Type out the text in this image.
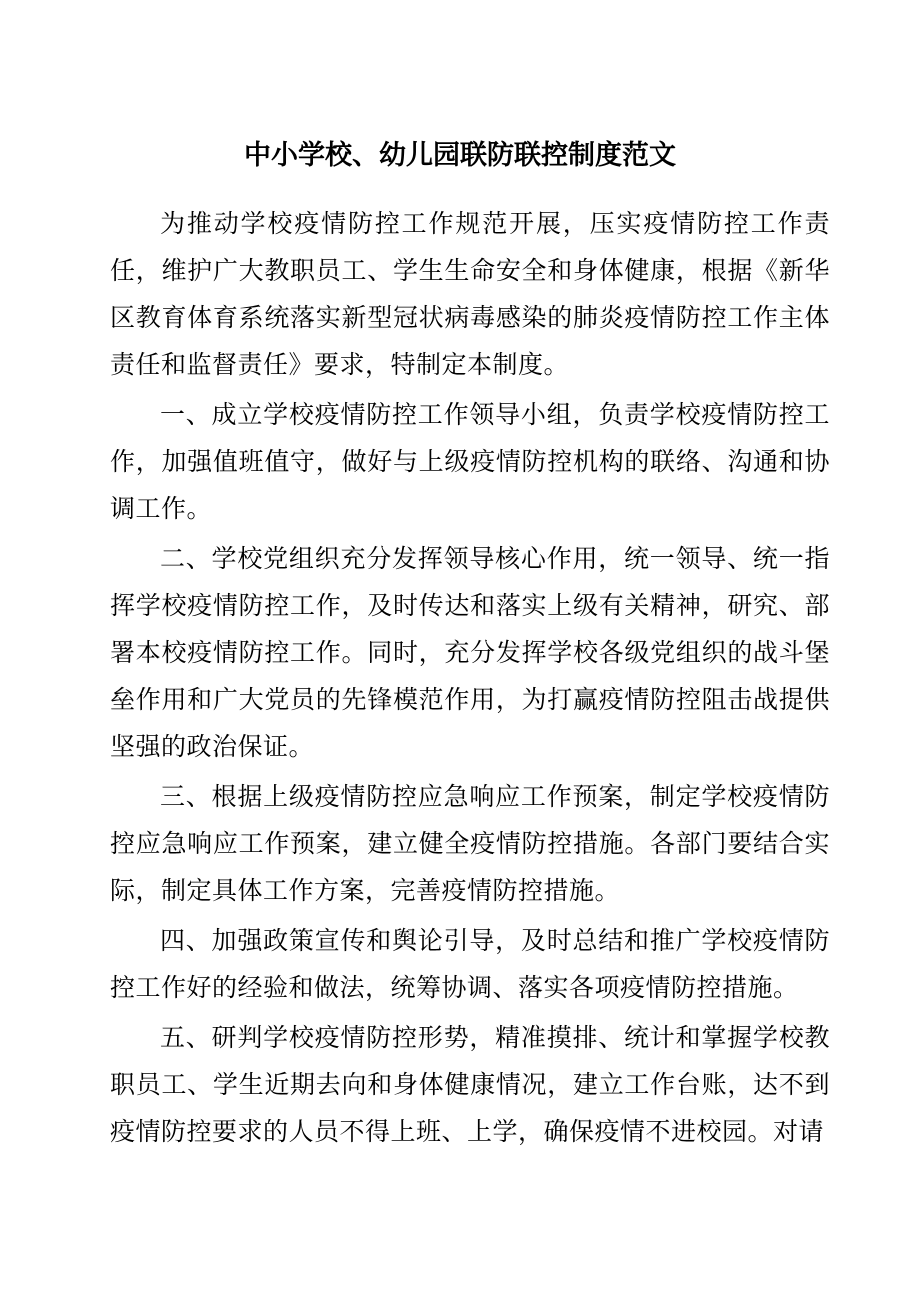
中小学校、幼儿园联防联控制度范文

为推动学校疫情防控工作规范开展，压实疫情防控工作责任，维护广大教职员工、学生生命安全和身体健康，根据《新华区教育体育系统落实新型冠状病毒感染的肺炎疫情防控工作主体责任和监督责任》要求，特制定本制度。

一、成立学校疫情防控工作领导小组，负责学校疫情防控工作，加强值班值守，做好与上级疫情防控机构的联络、沟通和协调工作。

二、学校党组织充分发挥领导核心作用，统一领导、统一指挥学校疫情防控工作，及时传达和落实上级有关精神，研究、部署本校疫情防控工作。同时，充分发挥学校各级党组织的战斗堡垒作用和广大党员的先锋模范作用，为打赢疫情防控阻击战提供坚强的政治保证。

三、根据上级疫情防控应急响应工作预案，制定学校疫情防控应急响应工作预案，建立健全疫情防控措施。各部门要结合实际，制定具体工作方案，完善疫情防控措施。

四、加强政策宣传和舆论引导，及时总结和推广学校疫情防控工作好的经验和做法，统筹协调、落实各项疫情防控措施。

五、研判学校疫情防控形势，精准摸排、统计和掌握学校教职员工、学生近期去向和身体健康情况，建立工作台账，达不到疫情防控要求的人员不得上班、上学，确保疫情不进校园。对请
